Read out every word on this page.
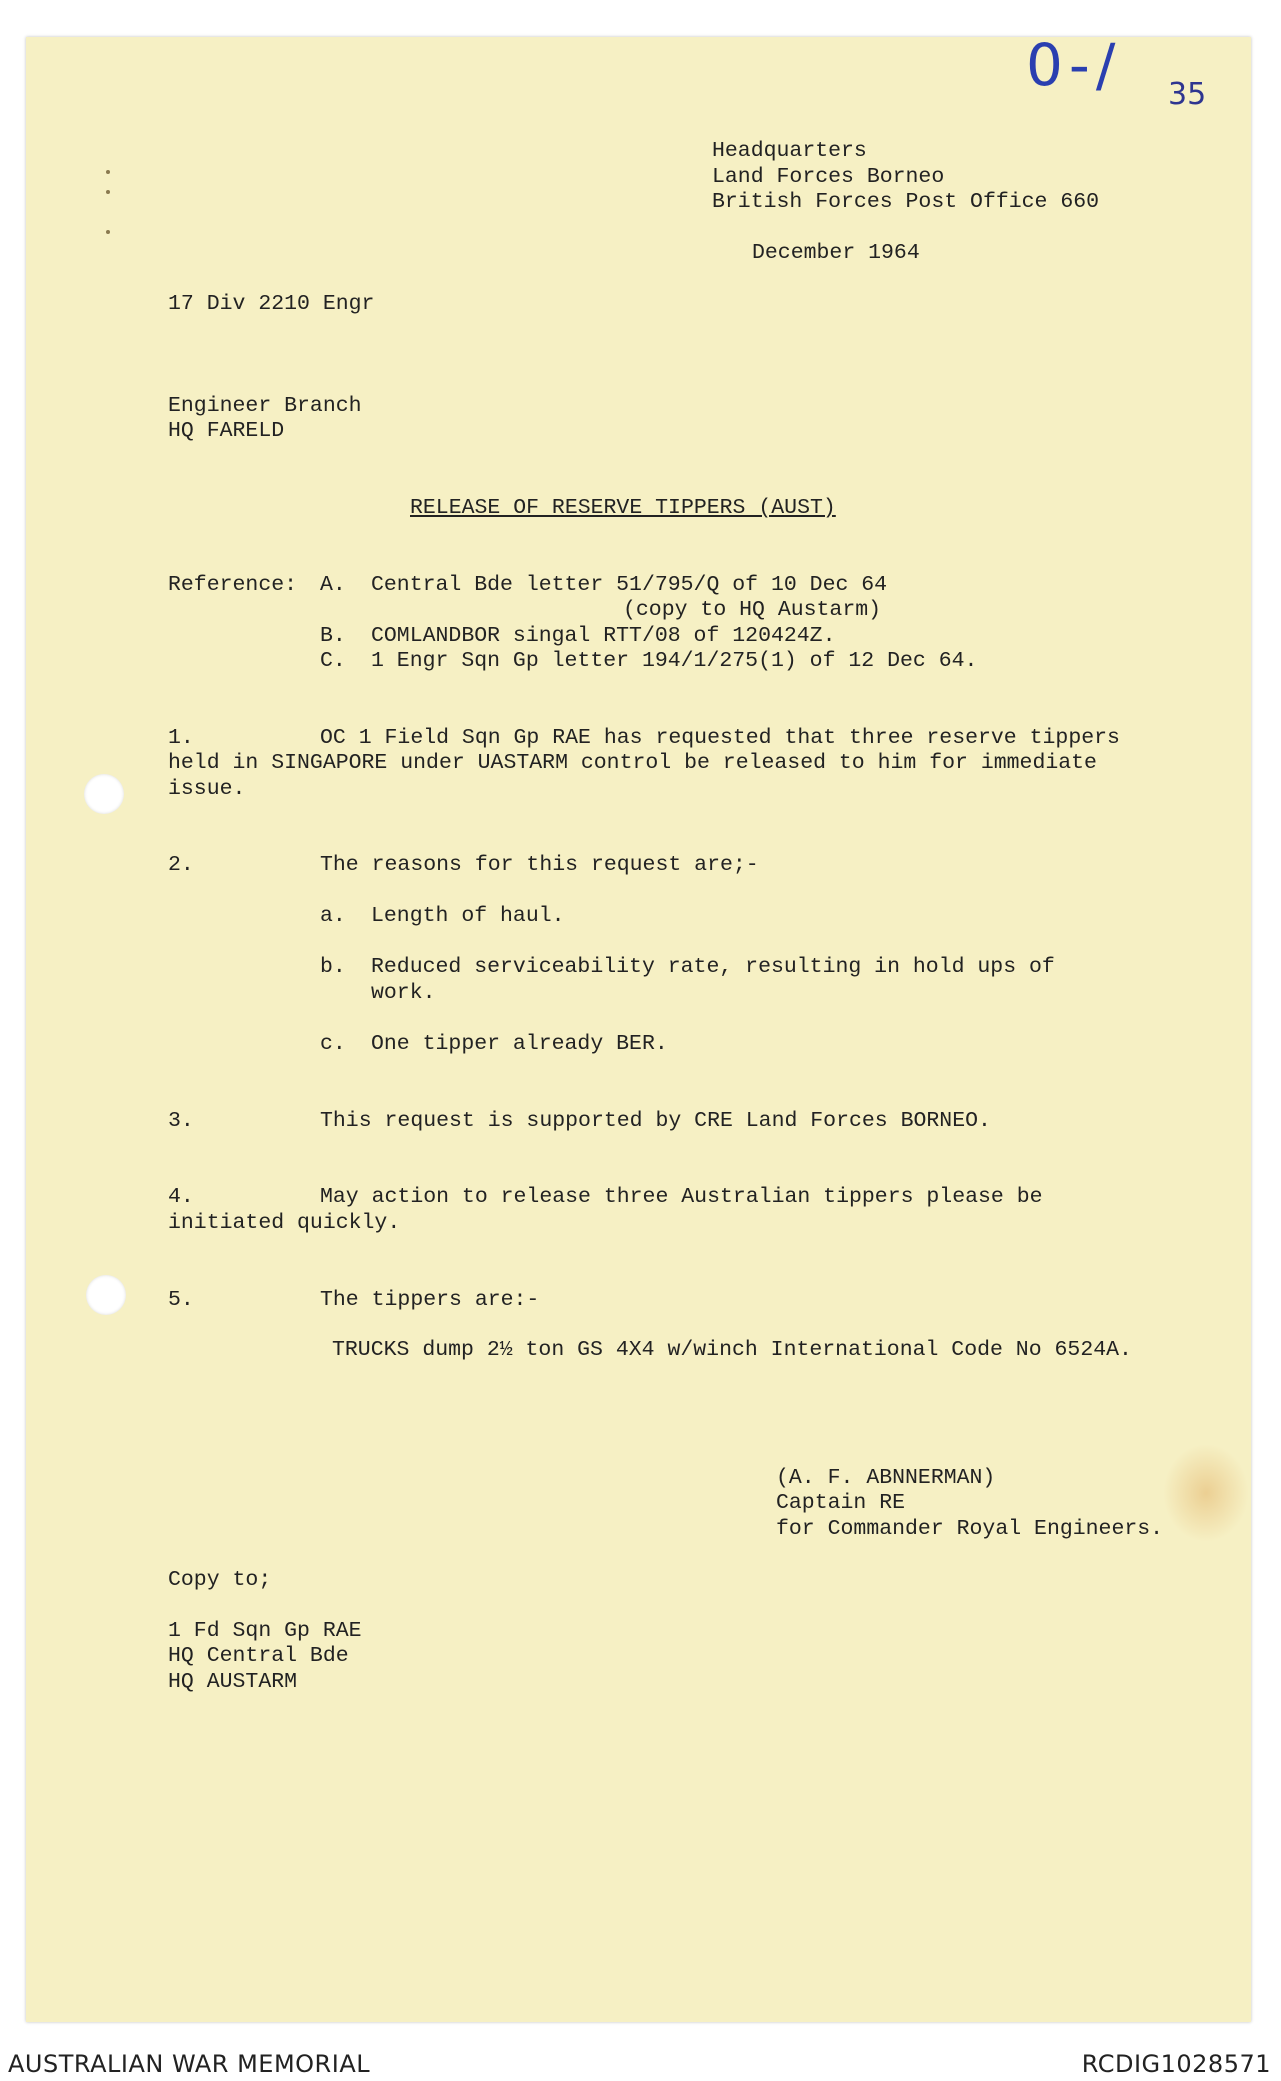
0-/ 35
Headquarters
Land Forces Borneo
British Forces Post Office 660
December 1964
17 Div 2210 Engr
Engineer Branch
HQ FARELD
RELEASE OF RESERVE TIPPERS (AUST)
Reference: A. Central Bde letter 51/795/Q of 10 Dec 64
(copy to HQ Austarm)
B. COMLANDBOR singal RTT/08 of 120424Z.
C. 1 Engr Sqn Gp letter 194/1/275(1) of 12 Dec 64.
1.	OC 1 Field Sqn Gp RAE has requested that three reserve tippers
held in SINGAPORE under UASTARM control be released to him for immediate
issue.
2.	The reasons for this request are;-
a. Length of haul.
b. Reduced serviceability rate, resulting in hold ups of
work.
c. One tipper already BER.
3.	This request is supported by CRE Land Forces BORNEO.
4.	May action to release three Australian tippers please be
initiated quickly.
5.	The tippers are:-
TRUCKS dump 2½ ton GS 4X4 w/winch International Code No 6524A.
(A. F. ABNNERMAN)
Captain RE
for Commander Royal Engineers.
Copy to;
1 Fd Sqn Gp RAE
HQ Central Bde
HQ AUSTARM
AUSTRALIAN WAR MEMORIAL	RCDIG1028571
